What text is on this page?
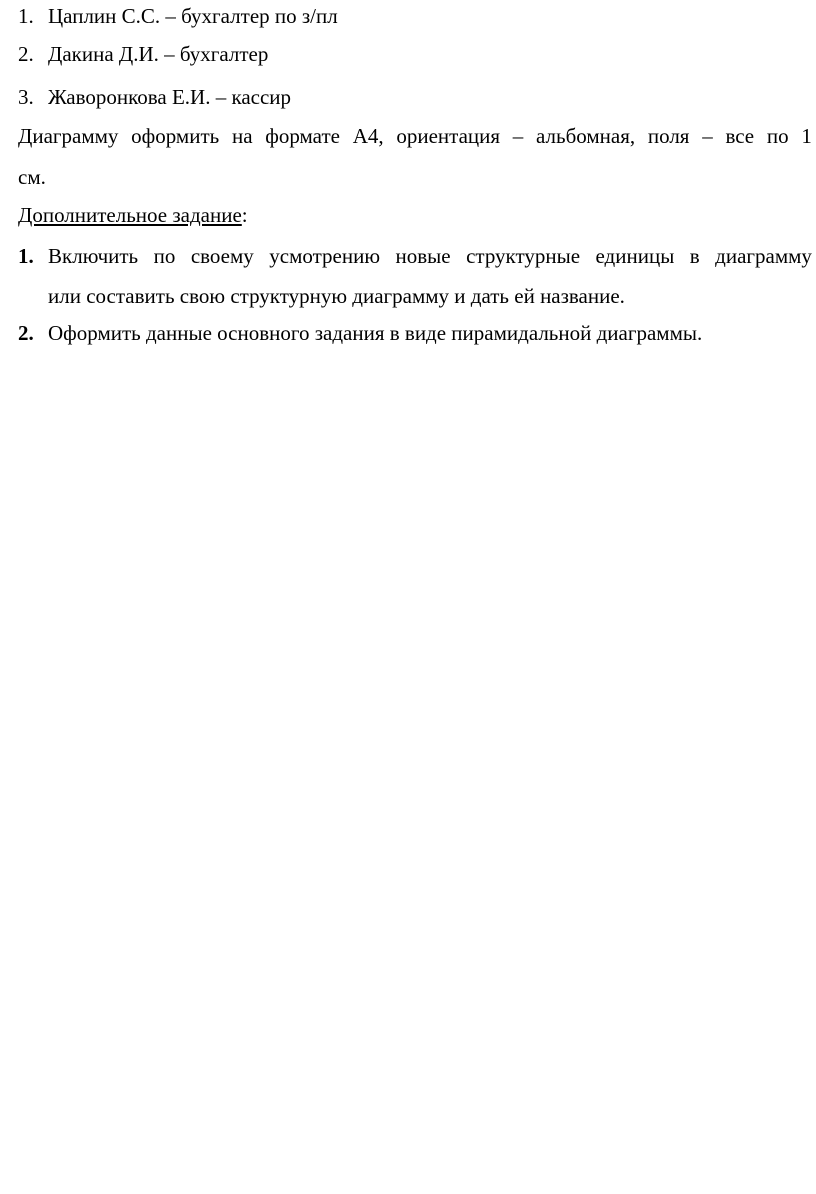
1. Цаплин С.С. – бухгалтер по з/пл
2. Дакина Д.И. – бухгалтер
3. Жаворонкова Е.И. – кассир
Диаграмму оформить на формате А4, ориентация – альбомная, поля – все по 1
см.
Дополнительное задание:
1. Включить по своему усмотрению новые структурные единицы в диаграмму
или составить свою структурную диаграмму и дать ей название.
2. Оформить данные основного задания в виде пирамидальной диаграммы.
